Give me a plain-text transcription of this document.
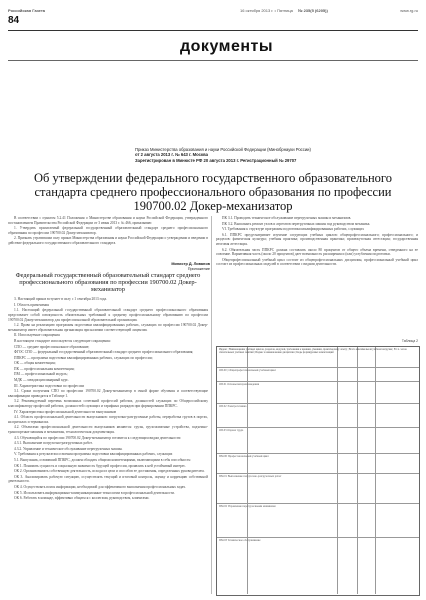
Российская Газета	16 октября 2013 г. • Пятница № 235(5 (6205))	www.rg.ru
84
документы
Приказ Министерства образования и науки Российской Федерации (Минобрнауки России)
от 2 августа 2013 г. № 643 г. Москва
Зарегистрирован в Минюсте РФ 20 августа 2013 г. Регистрационный № 29707
Об утверждении федерального государственного образовательного стандарта среднего профессионального образования по профессии 190700.02 Докер-механизатор

В соответствии с пунктом 5.2.41 Положения о Министерстве образования и науки Российской Федерации, утвержденного постановлением Правительства Российской Федерации от 3 июня 2013 г. № 466, приказываю:

1. Утвердить прилагаемый федеральный государственный образовательный стандарт среднего профессионального образования по профессии 190700.02 Докер-механизатор.

2. Признать утратившим силу приказ Министерства образования и науки Российской Федерации о утверждении и введении в действие федерального государственного образовательного стандарта.

Федеральный государственный образовательный стандарт среднего профессионального образования по профессии 190700.02 Докер-механизатор

3. Настоящий приказ вступает в силу с 1 сентября 2013 года.

I. Область применения

1.1. Настоящий федеральный государственный образовательный стандарт среднего профессионального образования представляет собой совокупность обязательных требований к среднему профессиональному образованию по профессии 190700.02 Докер-механизатор для профессиональной образовательной организации.

1.2. Право на реализацию программы подготовки квалифицированных рабочих, служащих по профессии 190700.02 Докер-механизатор имеет образовательная организация при наличии соответствующей лицензии.

II. Используемые сокращения

В настоящем стандарте используются следующие сокращения:

СПО — среднее профессиональное образование;

ФГОС СПО — федеральный государственный образовательный стандарт среднего профессионального образования;

ППКРС — программа подготовки квалифицированных рабочих, служащих по профессии;

ОК — общая компетенция;

ПК — профессиональная компетенция;

ПМ — профессиональный модуль;

МДК — междисциплинарный курс.

III. Характеристика подготовки по профессии

3.1. Сроки получения СПО по профессии 190700.02 Докер-механизатор в очной форме обучения и соответствующие квалификации приводятся в Таблице 1.

3.2. Рекомендуемый перечень возможных сочетаний профессий рабочих, должностей служащих по Общероссийскому классификатору профессий рабочих, должностей служащих и тарифных разрядов при формировании ППКРС.

IV. Характеристика профессиональной деятельности выпускников

4.1. Область профессиональной деятельности выпускников: погрузочно-разгрузочные работы, переработка грузов в портах, на причалах и терминалах.

4.2. Объектами профессиональной деятельности выпускников являются: грузы, грузозахватные устройства, подъемно-транспортные машины и механизмы, технологическая документация.

4.3. Обучающийся по профессии 190700.02 Докер-механизатор готовится к следующим видам деятельности:

4.3.1. Выполнение погрузочно-разгрузочных работ.

4.3.2. Управление и техническое обслуживание перегрузочных машин.

V. Требования к результатам освоения программы подготовки квалифицированных рабочих, служащих

5.1. Выпускник, освоивший ППКРС, должен обладать общими компетенциями, включающими в себя способность:

ОК 1. Понимать сущность и социальную значимость будущей профессии, проявлять к ней устойчивый интерес.

ОК 2. Организовывать собственную деятельность, исходя из цели и способов ее достижения, определенных руководителем.

ОК 3. Анализировать рабочую ситуацию, осуществлять текущий и итоговый контроль, оценку и коррекцию собственной деятельности.

ОК 4. Осуществлять поиск информации, необходимой для эффективного выполнения профессиональных задач.

ОК 5. Использовать информационно-коммуникационные технологии в профессиональной деятельности.

ОК 6. Работать в команде, эффективно общаться с коллегами, руководством, клиентами.

ПК 3.1. Проводить техническое обслуживание перегрузочных машин и механизмов.

ПК 3.2. Выполнять ремонт узлов и агрегатов перегрузочных машин под руководством механика.

VI. Требования к структуре программы подготовки квалифицированных рабочих, служащих

6.1. ППКРС предусматривает изучение следующих учебных циклов: общепрофессионального; профессионального; и разделов: физическая культура; учебная практика; производственная практика; промежуточная аттестация; государственная итоговая аттестация.

6.2. Обязательная часть ППКРС должна составлять около 80 процентов от общего объема времени, отведенного на ее освоение. Вариативная часть (около 20 процентов) дает возможность расширения и (или) углубления подготовки.

Общепрофессиональный учебный цикл состоит из общепрофессиональных дисциплин, профессиональный учебный цикл состоит из профессиональных модулей в соответствии с видами деятельности.

Министр Д. Ливанов
Приложение
Таблица 2
Индекс | Наименование учебных циклов, разделов, модулей, требования к знаниям, умениям, практическому опыту | Всего максимальной учебной нагрузки | В т.ч. часов обязательных учебных занятий | Индекс и наименование дисциплин | Коды формируемых компетенций
ОП.00 | Общепрофессиональный учебный цикл
ОП.01 Основы материаловедения
ОП.02 Электротехника
ОП.03 Охрана труда
ПМ.00 Профессиональный учебный цикл
ПМ.01 Выполнение погрузочно-разгрузочных работ
ПМ.02 Управление перегрузочными машинами
ПМ.03 Техническое обслуживание
